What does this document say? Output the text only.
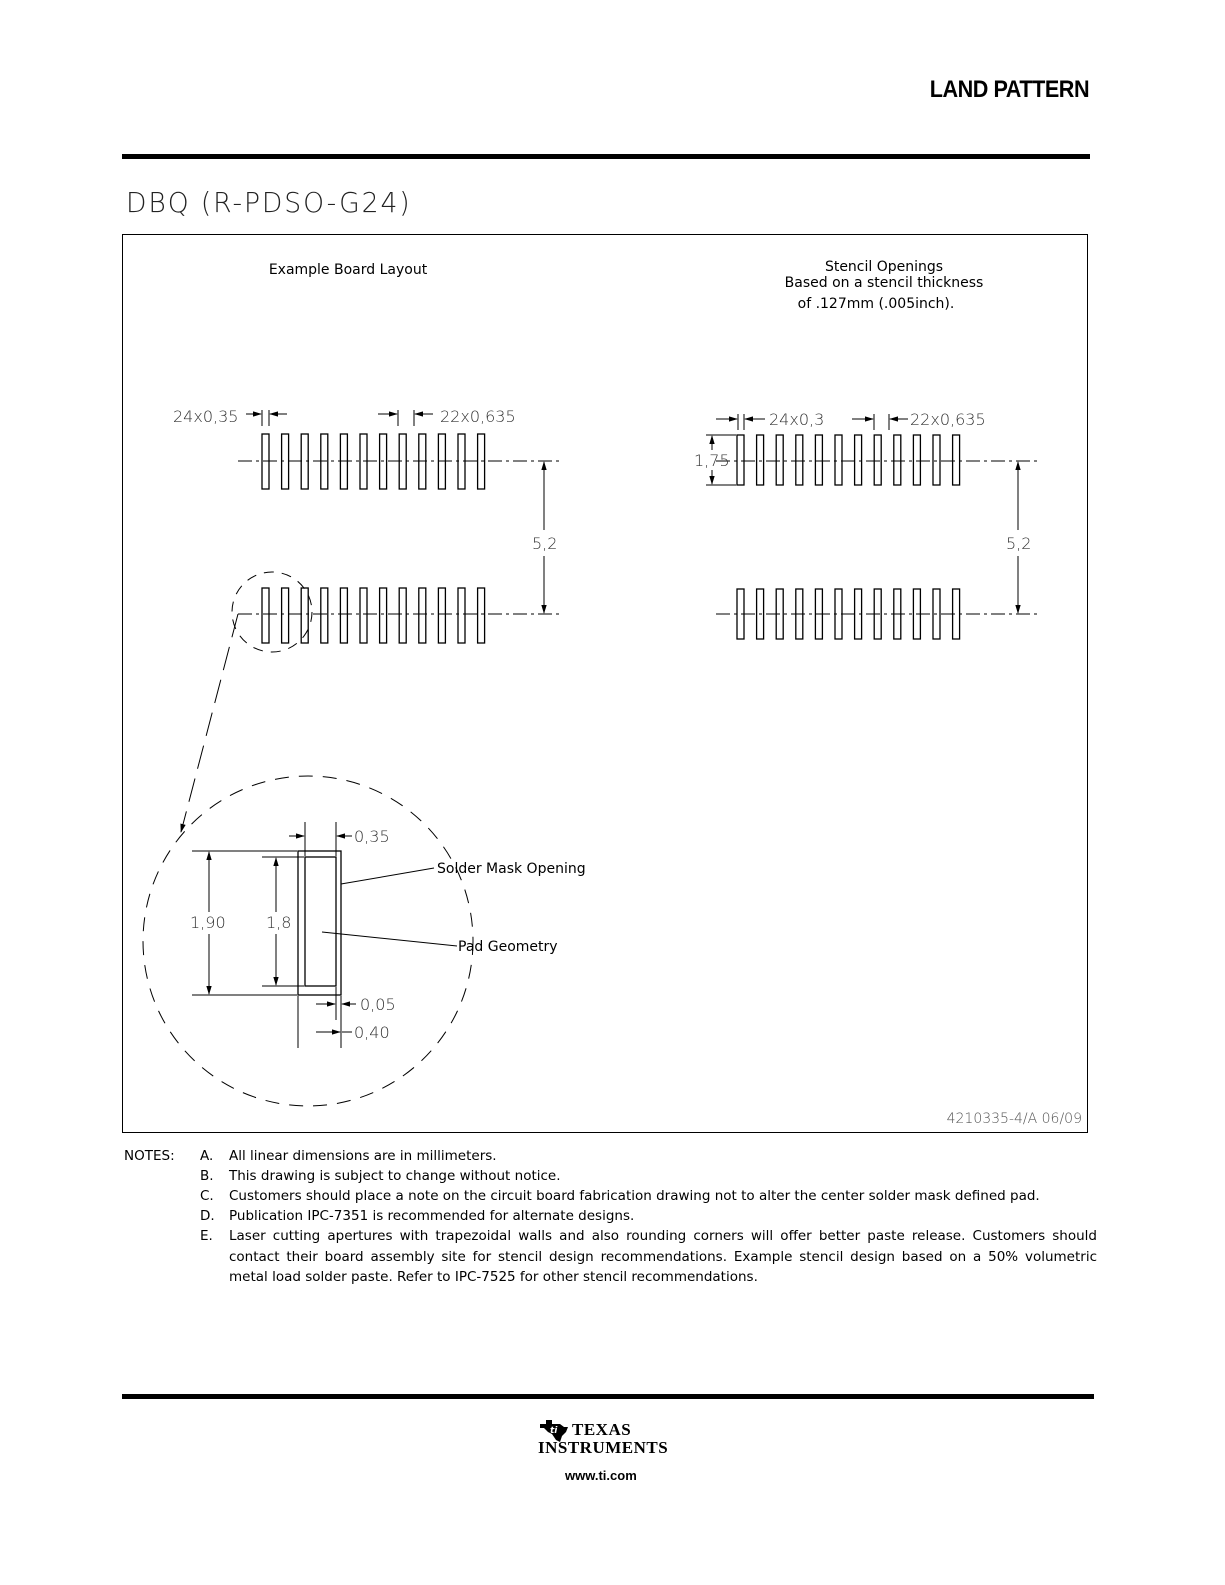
LAND PATTERN
DBQ (R-PDSO-G24)
Example Board Layout	Stencil Openings
Based on a stencil thickness
of .127mm (.005inch).
24x0,35	22x0,635
5,2
24x0,3	22x0,635
1,75
5,2
0,35
1,90	1,8
0,05
0,40
Solder Mask Opening
Pad Geometry
4210335-4/A 06/09
NOTES: A. All linear dimensions are in millimeters.
B. This drawing is subject to change without notice.
C. Customers should place a note on the circuit board fabrication drawing not to alter the center solder mask defined pad.
D. Publication IPC-7351 is recommended for alternate designs.
E. Laser cutting apertures with trapezoidal walls and also rounding corners will offer better paste release. Customers should contact their board assembly site for stencil design recommendations. Example stencil design based on a 50% volumetric metal load solder paste. Refer to IPC-7525 for other stencil recommendations.
ti TEXAS
INSTRUMENTS
www.ti.com
